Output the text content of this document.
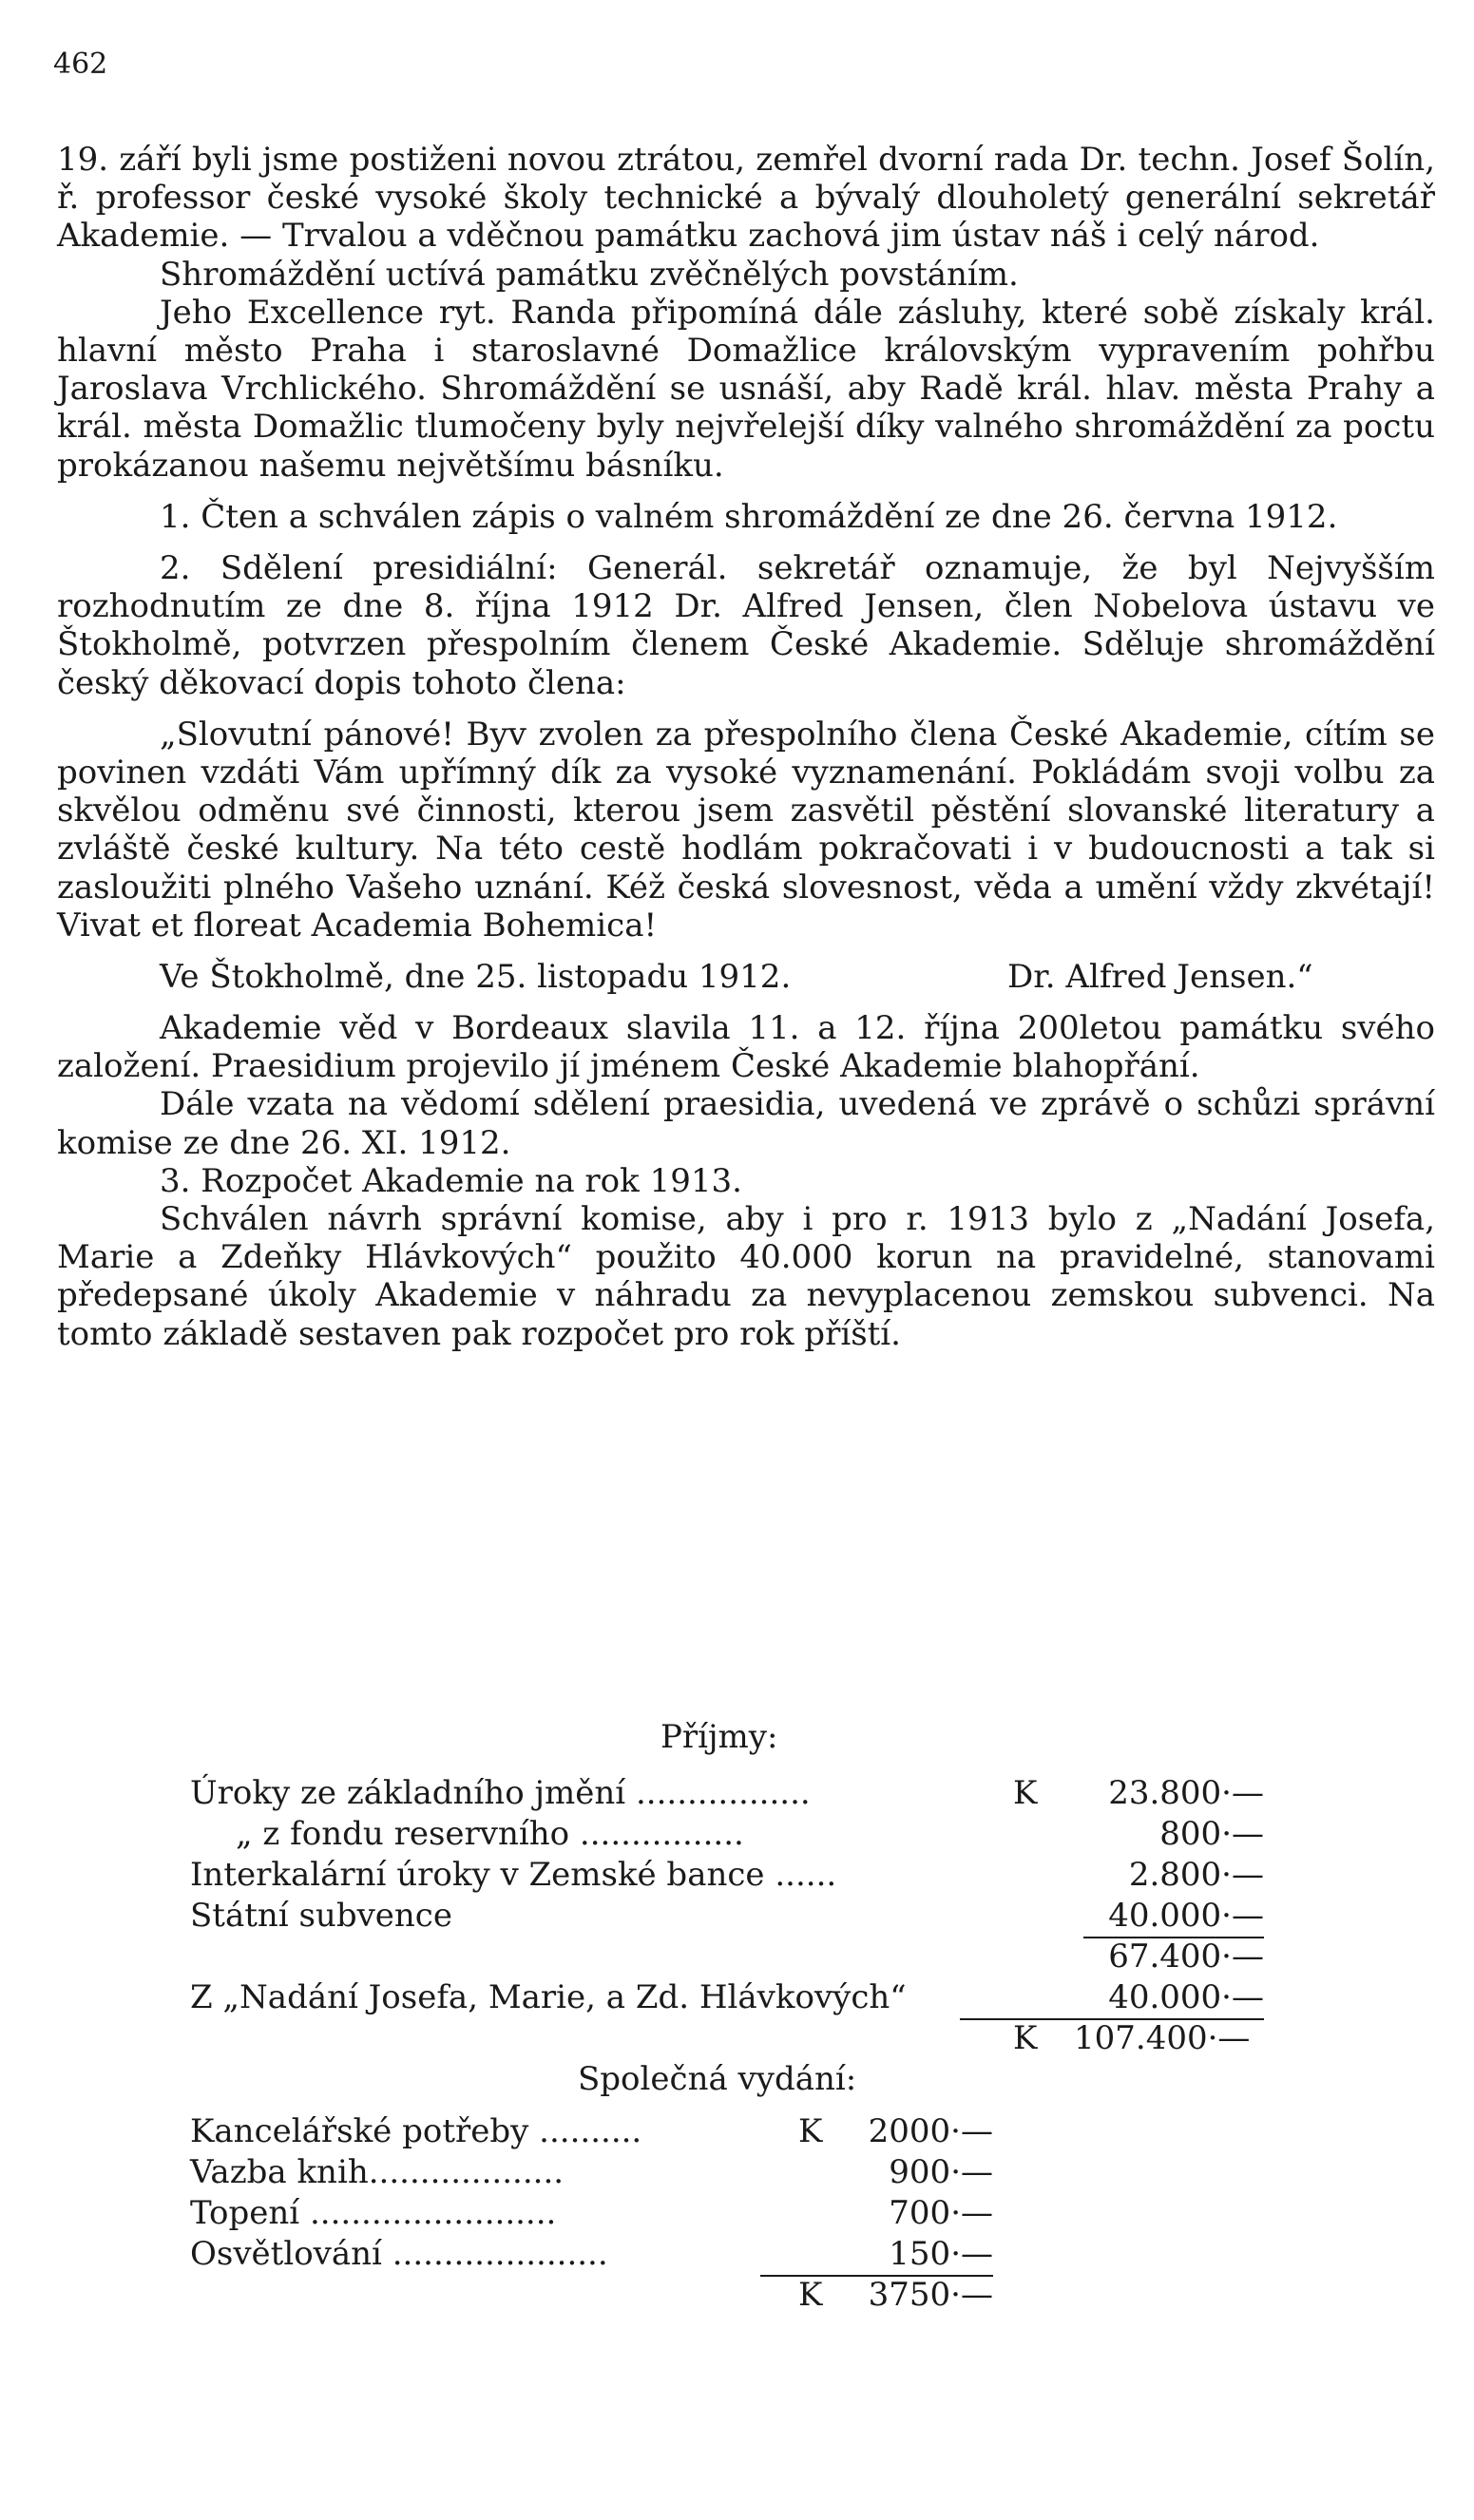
462

19. září byli jsme postiženi novou ztrátou, zemřel dvorní rada Dr. techn. Josef Šolín, ř. professor české vysoké školy technické a bývalý dlouholetý generální sekretář Akademie. — Trvalou a vděčnou památku zachová jim ústav náš i celý národ.

Shromáždění uctívá památku zvěčnělých povstáním.

Jeho Excellence ryt. Randa připomíná dále zásluhy, které sobě získaly král. hlavní město Praha i staroslavné Domažlice královským vypravením pohřbu Jaroslava Vrchlického. Shromáždění se usnáší, aby Radě král. hlav. města Prahy a král. města Domažlic tlumočeny byly nejvřelejší díky valného shromáždění za poctu prokázanou našemu největšímu básníku.

1. Čten a schválen zápis o valném shromáždění ze dne 26. června 1912.

2. Sdělení presidiální: Generál. sekretář oznamuje, že byl Nejvyšším rozhodnutím ze dne 8. října 1912 Dr. Alfred Jensen, člen Nobelova ústavu ve Štokholmě, potvrzen přespolním členem České Akademie. Sděluje shromáždění český děkovací dopis tohoto člena:

„Slovutní pánové! Byv zvolen za přespolního člena České Akademie, cítím se povinen vzdáti Vám upřímný dík za vysoké vyznamenání. Pokládám svoji volbu za skvělou odměnu své činnosti, kterou jsem zasvětil pěstění slovanské literatury a zvláště české kultury. Na této cestě hodlám pokračovati i v budoucnosti a tak si zasloužiti plného Vašeho uznání. Kéž česká slovesnost, věda a umění vždy zkvétají! Vivat et floreat Academia Bohemica!

Ve Štokholmě, dne 25. listopadu 1912.	Dr. Alfred Jensen.“

Akademie věd v Bordeaux slavila 11. a 12. října 200letou památku svého založení. Praesidium projevilo jí jménem České Akademie blahopřání.

Dále vzata na vědomí sdělení praesidia, uvedená ve zprávě o schůzi správní komise ze dne 26. XI. 1912.

3. Rozpočet Akademie na rok 1913.

Schválen návrh správní komise, aby i pro r. 1913 bylo z „Nadání Josefa, Marie a Zdeňky Hlávkových“ použito 40.000 korun na pravidelné, stanovami předepsané úkoly Akademie v náhradu za nevyplacenou zemskou subvenci. Na tomto základě sestaven pak rozpočet pro rok příští.

Příjmy:
Úroky ze základního jmění .................	K	23.800·—
„ z fondu reservního ................	800·—
Interkalární úroky v Zemské bance ......	2.800·—
Státní subvence	40.000·—
67.400·—
Z „Nadání Josefa, Marie, a Zd. Hlávkových“	40.000·—
K 107.400·—
Společná vydání:
Kancelářské potřeby ..........	K	2000·—
Vazba knih...................	900·—
Topení ........................	700·—
Osvětlování .....................	150·—
K	3750·—
